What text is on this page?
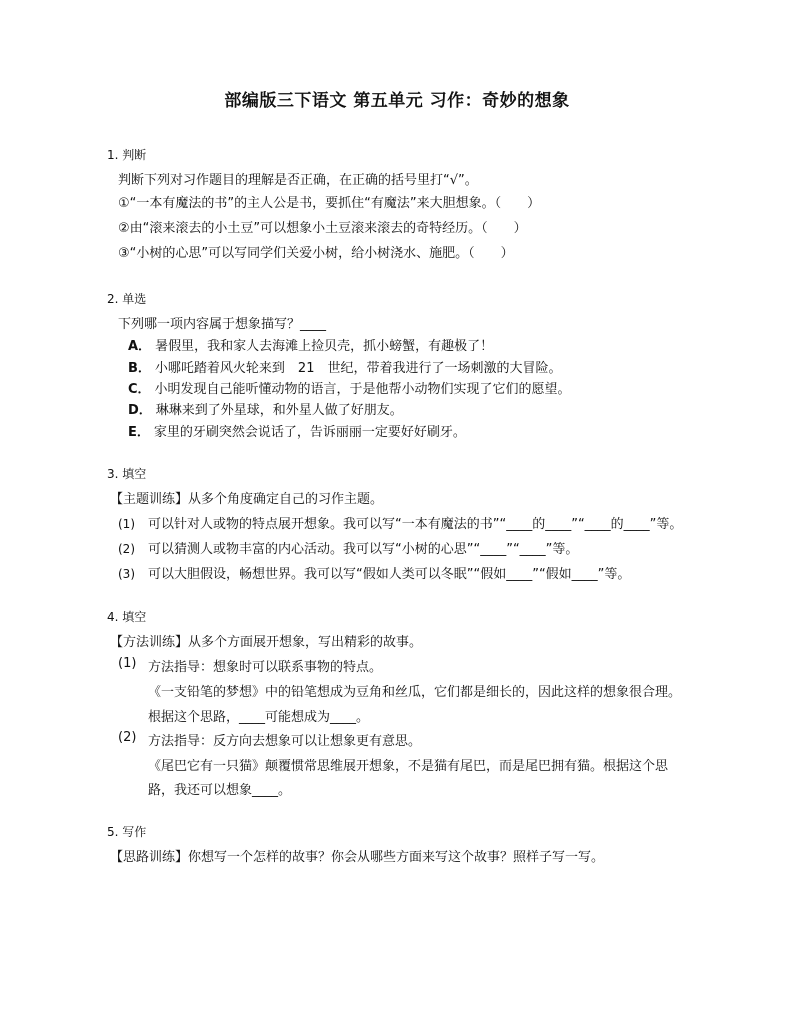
部编版三下语文 第五单元 习作：奇妙的想象
1. 判断
判断下列对习作题目的理解是否正确，在正确的括号里打“√”。
①“一本有魔法的书”的主人公是书，要抓住“有魔法”来大胆想象。（　　）
②由“滚来滚去的小土豆”可以想象小土豆滚来滚去的奇特经历。（　　）
③“小树的心思”可以写同学们关爱小树，给小树浇水、施肥。（　　）
2. 单选
下列哪一项内容属于想象描写？____
A． 暑假里，我和家人去海滩上捡贝壳，抓小螃蟹，有趣极了！
B． 小哪吒踏着风火轮来到　21　世纪，带着我进行了一场刺激的大冒险。
C． 小明发现自己能听懂动物的语言，于是他帮小动物们实现了它们的愿望。
D． 琳琳来到了外星球，和外星人做了好朋友。
E． 家里的牙刷突然会说话了，告诉丽丽一定要好好刷牙。
3. 填空
【主题训练】从多个角度确定自己的习作主题。
(1) 可以针对人或物的特点展开想象。我可以写“一本有魔法的书”“____的____”“____的____”等。
(2) 可以猜测人或物丰富的内心活动。我可以写“小树的心思”“____”“____”等。
(3) 可以大胆假设，畅想世界。我可以写“假如人类可以冬眠”“假如____”“假如____”等。
4. 填空
【方法训练】从多个方面展开想象，写出精彩的故事。
(1) 方法指导：想象时可以联系事物的特点。
《一支铅笔的梦想》中的铅笔想成为豆角和丝瓜，它们都是细长的，因此这样的想象很合理。
根据这个思路，____可能想成为____。
(2) 方法指导：反方向去想象可以让想象更有意思。
《尾巴它有一只猫》颠覆惯常思维展开想象，不是猫有尾巴，而是尾巴拥有猫。根据这个思
路，我还可以想象____。
5. 写作
【思路训练】你想写一个怎样的故事？你会从哪些方面来写这个故事？照样子写一写。
